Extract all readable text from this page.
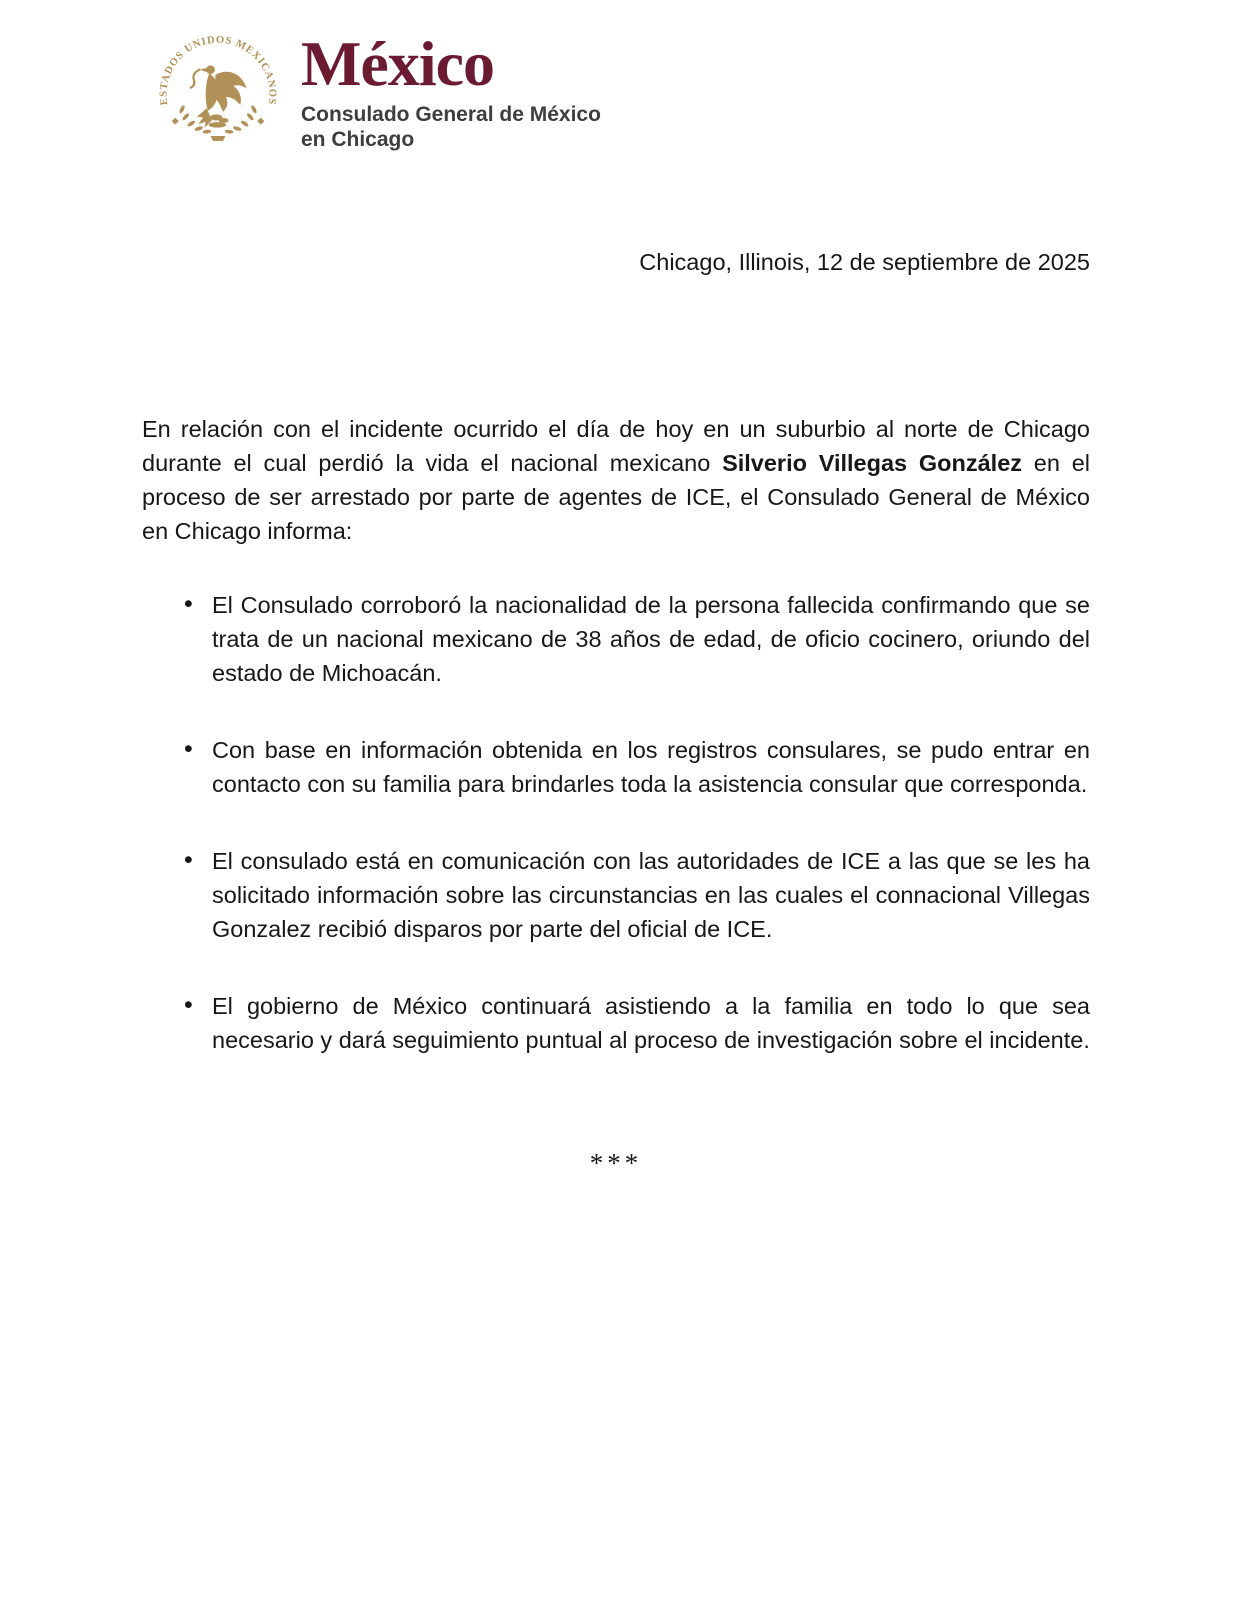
ESTADOS UNIDOS MEXICANOS
México
Consulado General de México
en Chicago
Chicago, Illinois, 12 de septiembre de 2025

En relación con el incidente ocurrido el día de hoy en un suburbio al norte de Chicago durante el cual perdió la vida el nacional mexicano Silverio Villegas González en el proceso de ser arrestado por parte de agentes de ICE, el Consulado General de México en Chicago informa:

• El Consulado corroboró la nacionalidad de la persona fallecida confirmando que se trata de un nacional mexicano de 38 años de edad, de oficio cocinero, oriundo del estado de Michoacán.
• Con base en información obtenida en los registros consulares, se pudo entrar en contacto con su familia para brindarles toda la asistencia consular que corresponda.
• El consulado está en comunicación con las autoridades de ICE a las que se les ha solicitado información sobre las circunstancias en las cuales el connacional Villegas Gonzalez recibió disparos por parte del oficial de ICE.
• El gobierno de México continuará asistiendo a la familia en todo lo que sea necesario y dará seguimiento puntual al proceso de investigación sobre el incidente.
***
